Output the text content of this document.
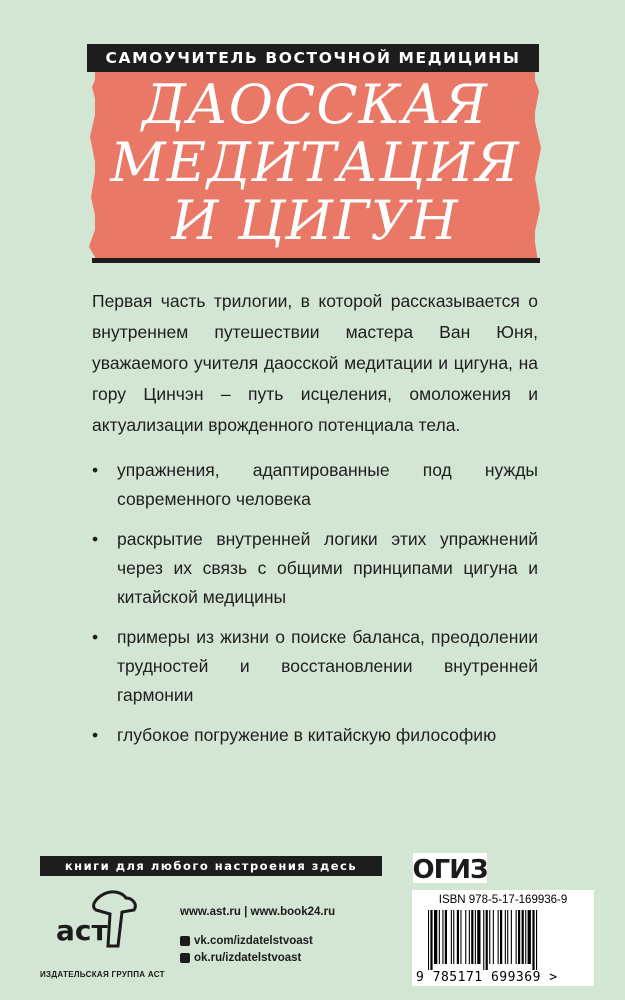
САМОУЧИТЕЛЬ ВОСТОЧНОЙ МЕДИЦИНЫ
ДАОССКАЯ
МЕДИТАЦИЯ
И ЦИГУН

Первая часть трилогии, в которой рассказывается о внутреннем путешествии мастера Ван Юня, уважаемого учителя даосской медитации и цигуна, на гору Цинчэн – путь исцеления, омоложения и актуализации врожденного потенциала тела.

• упражнения, адаптированные под нужды современного человека
• раскрытие внутренней логики этих упражнений через их связь с общими принципами цигуна и китайской медицины
• примеры из жизни о поиске баланса, преодолении трудностей и восстановлении внутренней гармонии
• глубокое погружение в китайскую философию
книги для любого настроения здесь	ОГИЗ
аст
ИЗДАТЕЛЬСКАЯ ГРУППА АСТ
www.ast.ru | www.book24.ru
vk.com/izdatelstvoast
ok.ru/izdatelstvoast
ISBN 978-5-17-169936-9
9 785171 699369 >
